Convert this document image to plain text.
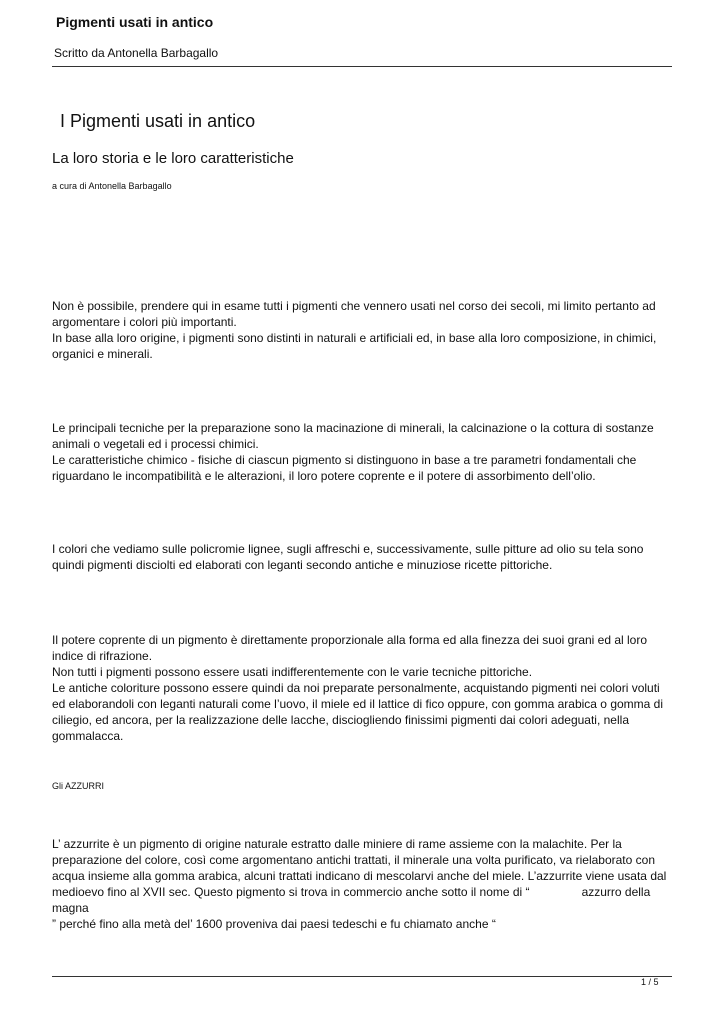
Pigmenti usati in antico
Scritto da Antonella Barbagallo
I Pigmenti usati in antico
La loro storia e le loro caratteristiche
a cura di Antonella Barbagallo
Non è possibile, prendere qui in esame tutti i pigmenti che vennero usati nel corso dei secoli, mi limito pertanto ad argomentare i colori più importanti.
In base alla loro origine, i pigmenti sono distinti in naturali e artificiali ed, in base alla loro composizione, in chimici, organici e minerali.
Le principali tecniche per la preparazione sono la macinazione di minerali, la calcinazione o la cottura di sostanze animali o vegetali ed i processi chimici.
Le caratteristiche chimico - fisiche di ciascun pigmento si distinguono in base a tre parametri fondamentali che riguardano le incompatibilità e le alterazioni, il loro potere coprente e il potere di assorbimento dell’olio.
I colori che vediamo sulle policromie lignee, sugli affreschi e, successivamente, sulle pitture ad olio su tela sono quindi pigmenti disciolti ed elaborati con leganti secondo antiche e minuziose ricette pittoriche.
Il potere coprente di un pigmento è direttamente proporzionale alla forma ed alla finezza dei suoi grani ed al loro indice di rifrazione.
Non tutti i pigmenti possono essere usati indifferentemente con le varie tecniche pittoriche.
Le antiche coloriture possono essere quindi da noi preparate personalmente, acquistando pigmenti nei colori voluti ed elaborandoli con leganti naturali come l’uovo, il miele ed il lattice di fico oppure, con gomma arabica o gomma di ciliegio, ed ancora, per la realizzazione delle lacche, disciogliendo finissimi pigmenti dai colori adeguati, nella gommalacca.
Gli AZZURRI
L’ azzurrite è un pigmento di origine naturale estratto dalle miniere di rame assieme con la malachite. Per la preparazione del colore, così come argomentano antichi trattati, il minerale una volta purificato, va rielaborato con acqua insieme alla gomma arabica, alcuni trattati indicano di mescolarvi anche del miele. L’azzurrite viene usata dal medioevo fino al XVII sec. Questo pigmento si trova in commercio anche sotto il nome di “	azzurro della magna
” perché fino alla metà del’ 1600 proveniva dai paesi tedeschi e fu chiamato anche “
1 / 5
